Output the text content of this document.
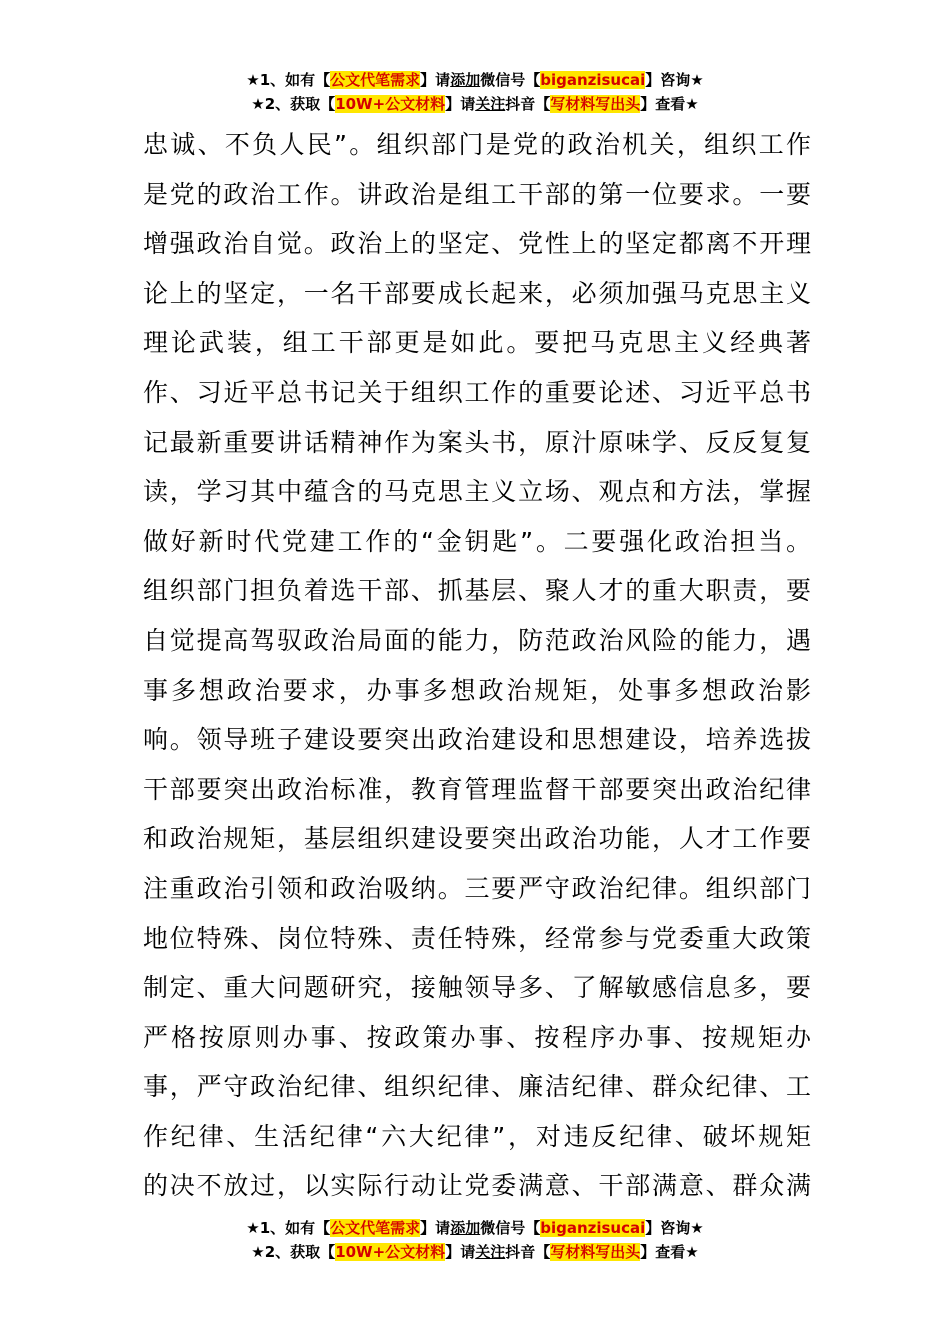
★1、如有【公文代笔需求】请添加微信号【biganzisucai】咨询★
★2、获取【10W+公文材料】请关注抖音【写材料写出头】查看★
忠诚、不负人民”。组织部门是党的政治机关，组织工作
是党的政治工作。讲政治是组工干部的第一位要求。一要
增强政治自觉。政治上的坚定、党性上的坚定都离不开理
论上的坚定，一名干部要成长起来，必须加强马克思主义
理论武装，组工干部更是如此。要把马克思主义经典著
作、习近平总书记关于组织工作的重要论述、习近平总书
记最新重要讲话精神作为案头书，原汁原味学、反反复复
读，学习其中蕴含的马克思主义立场、观点和方法，掌握
做好新时代党建工作的“金钥匙”。二要强化政治担当。
组织部门担负着选干部、抓基层、聚人才的重大职责，要
自觉提高驾驭政治局面的能力，防范政治风险的能力，遇
事多想政治要求，办事多想政治规矩，处事多想政治影
响。领导班子建设要突出政治建设和思想建设，培养选拔
干部要突出政治标准，教育管理监督干部要突出政治纪律
和政治规矩，基层组织建设要突出政治功能，人才工作要
注重政治引领和政治吸纳。三要严守政治纪律。组织部门
地位特殊、岗位特殊、责任特殊，经常参与党委重大政策
制定、重大问题研究，接触领导多、了解敏感信息多，要
严格按原则办事、按政策办事、按程序办事、按规矩办
事，严守政治纪律、组织纪律、廉洁纪律、群众纪律、工
作纪律、生活纪律“六大纪律”，对违反纪律、破坏规矩
的决不放过，以实际行动让党委满意、干部满意、群众满
★1、如有【公文代笔需求】请添加微信号【biganzisucai】咨询★
★2、获取【10W+公文材料】请关注抖音【写材料写出头】查看★
